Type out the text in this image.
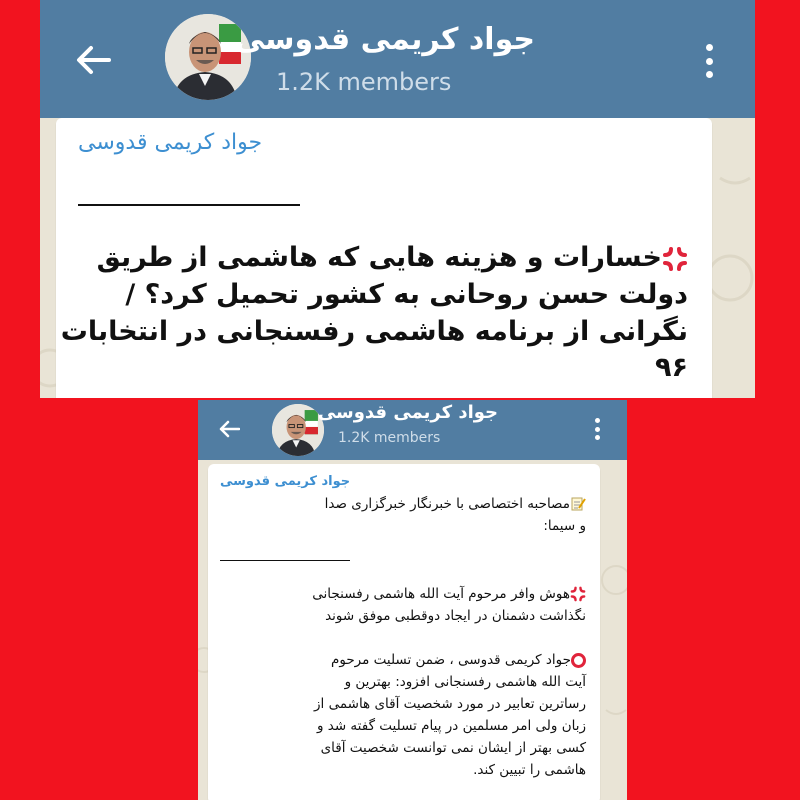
جواد کریمی قدوسی
1.2K members
جواد کریمی قدوسی
خسارات و هزینه هایی که هاشمی از طریق
دولت حسن روحانی به کشور تحمیل کرد؟ /
نگرانی از برنامه هاشمی رفسنجانی در انتخابات
۹۶
جواد کریمی قدوسی
1.2K members
جواد کریمی قدوسی
مصاحبه اختصاصی با خبرنگار خبرگزاری صدا
و سیما:
هوش وافر مرحوم آیت الله هاشمی رفسنجانی
نگذاشت دشمنان در ایجاد دوقطبی موفق شوند
جواد کریمی قدوسی ، ضمن تسلیت مرحوم
آیت الله هاشمی رفسنجانی افزود: بهترین و
رساترین تعابیر در مورد شخصیت آقای هاشمی از
زبان ولی امر مسلمین در پیام تسلیت گفته شد و
کسی بهتر از ایشان نمی توانست شخصیت آقای
هاشمی را تبیین کند.
